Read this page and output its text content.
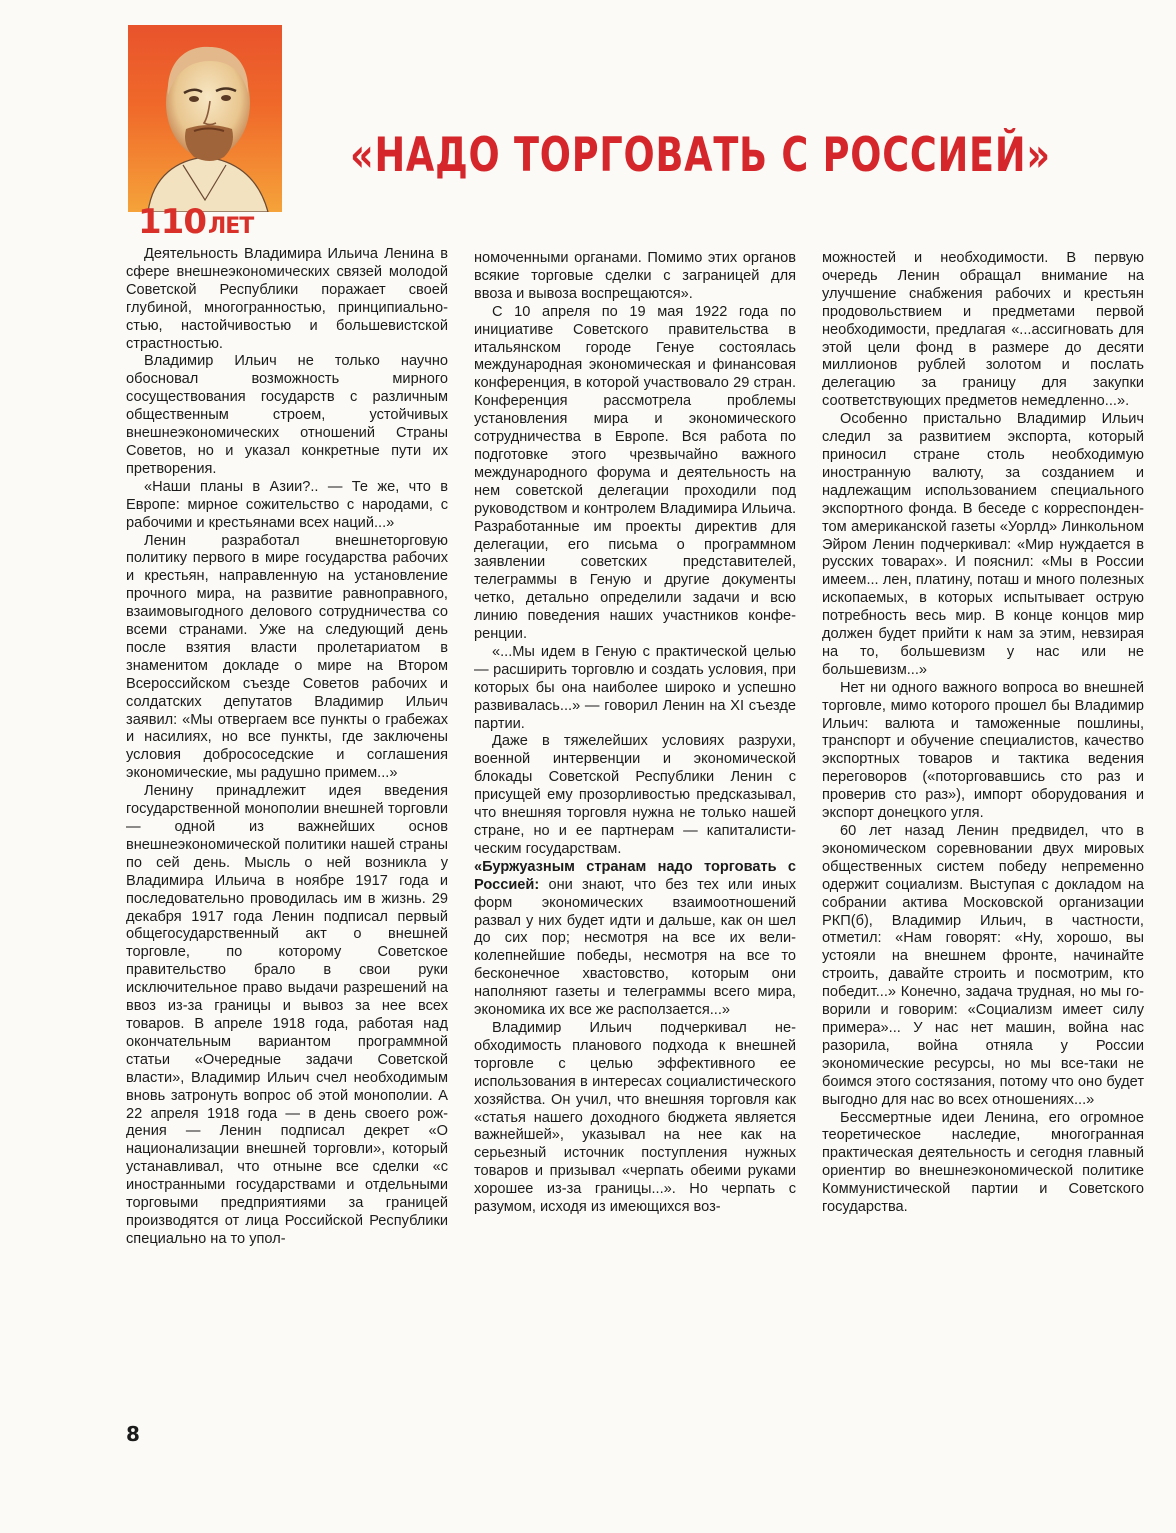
110ЛЕТ
«НАДО ТОРГОВАТЬ С РОССИЕЙ»

Деятельность Владимира Ильича Ленина в сфере внешнеэкономических связей молодой Советской Республики поражает своей глубиной, многогранностью, принципиальностью, настойчивостью и большевистской страстностью.

Владимир Ильич не только научно обосновал возможность мирного сосуществования государств с различным общественным строем, устойчивых внешнеэкономических отношений Страны Советов, но и указал конкретные пути их претворения.

«Наши планы в Азии?.. — Те же, что в Европе: мирное сожительство с народами, с рабочими и крестьянами всех наций...»

Ленин разработал внешнеторговую политику первого в мире государства рабочих и крестьян, направленную на установление прочного мира, на развитие равноправного, взаимовыгодного делового сотрудничества со всеми странами. Уже на следующий день после взятия власти пролетариатом в знаменитом докладе о мире на Втором Всероссийском съезде Советов рабочих и солдатских депутатов Владимир Ильич заявил: «Мы отвергаем все пункты о грабежах и насилиях, но все пункты, где заключены условия добрососедские и соглашения экономические, мы радушно примем...»

Ленину принадлежит идея введения государственной монополии внешней торговли — одной из важнейших основ внешнеэкономической политики нашей страны по сей день. Мысль о ней возникла у Владимира Ильича в ноябре 1917 года и последовательно проводилась им в жизнь. 29 декабря 1917 года Ленин подписал первый общегосударственный акт о внешней торговле, по которому Советское правительство брало в свои руки исключительное право выдачи разрешений на ввоз из-за границы и вывоз за нее всех товаров. В апреле 1918 года, работая над окончательным вариантом программной статьи «Очередные задачи Советской власти», Владимир Ильич счел необходимым вновь затронуть вопрос об этой монополии. А 22 апреля 1918 года — в день своего рождения — Ленин подписал декрет «О национализации внешней торговли», который устанавливал, что отныне все сделки «с иностранными государствами и отдельными торговыми предприятиями за границей производятся от лица Российской Республики специально на то упол-

номоченными органами. Помимо этих органов всякие торговые сделки с заграницей для ввоза и вывоза воспрещаются».

С 10 апреля по 19 мая 1922 года по инициативе Советского правительства в итальянском городе Генуе состоялась международная экономическая и финансовая конференция, в которой участвовало 29 стран. Конференция рассмотрела проблемы установления мира и экономического сотрудничества в Европе. Вся работа по подготовке этого чрезвычайно важного международного форума и деятельность на нем советской делегации проходили под руководством и контролем Владимира Ильича. Разработанные им проекты директив для делегации, его письма о программном заявлении советских представителей, телеграммы в Геную и другие документы четко, детально определили задачи и всю линию поведения наших участников конференции.

«...Мы идем в Геную с практической целью — расширить торговлю и создать условия, при которых бы она наиболее широко и успешно развивалась...» — говорил Ленин на XI съезде партии.

Даже в тяжелейших условиях разрухи, военной интервенции и экономической блокады Советской Республики Ленин с присущей ему прозорливостью предсказывал, что внешняя торговля нужна не только нашей стране, но и ее партнерам — капиталистическим государствам.

«Буржуазным странам надо торговать с Россией: они знают, что без тех или иных форм экономических взаимоотношений развал у них будет идти и дальше, как он шел до сих пор; несмотря на все их великолепнейшие победы, несмотря на все то бесконечное хвастовство, которым они наполняют газеты и телеграммы всего мира, экономика их все же расползается...»

Владимир Ильич подчеркивал необходимость планового подхода к внешней торговле с целью эффективного ее использования в интересах социалистического хозяйства. Он учил, что внешняя торговля как «статья нашего доходного бюджета является важнейшей», указывал на нее как на серьезный источник поступления нужных товаров и призывал «черпать обеими руками хорошее из-за границы...». Но черпать с разумом, исходя из имеющихся воз-

можностей и необходимости. В первую очередь Ленин обращал внимание на улучшение снабжения рабочих и крестьян продовольствием и предметами первой необходимости, предлагая «...ассигновать для этой цели фонд в размере до десяти миллионов рублей золотом и послать делегацию за границу для закупки соответствующих предметов немедленно...».

Особенно пристально Владимир Ильич следил за развитием экспорта, который приносил стране столь необходимую иностранную валюту, за созданием и надлежащим использованием специального экспортного фонда. В беседе с корреспондентом американской газеты «Уорлд» Линкольном Эйром Ленин подчеркивал: «Мир нуждается в русских товарах». И пояснил: «Мы в России имеем... лен, платину, поташ и много полезных ископаемых, в которых испытывает острую потребность весь мир. В конце концов мир должен будет прийти к нам за этим, невзирая на то, большевизм у нас или не большевизм...»

Нет ни одного важного вопроса во внешней торговле, мимо которого прошел бы Владимир Ильич: валюта и таможенные пошлины, транспорт и обучение специалистов, качество экспортных товаров и тактика ведения переговоров («поторговавшись сто раз и проверив сто раз»), импорт оборудования и экспорт донецкого угля.

60 лет назад Ленин предвидел, что в экономическом соревновании двух мировых общественных систем победу непременно одержит социализм. Выступая с докладом на собрании актива Московской организации РКП(б), Владимир Ильич, в частности, отметил: «Нам говорят: «Ну, хорошо, вы устояли на внешнем фронте, начинайте строить, давайте строить и посмотрим, кто победит...» Конечно, задача трудная, но мы говорили и говорим: «Социализм имеет силу примера»... У нас нет машин, война нас разорила, война отняла у России экономические ресурсы, но мы все-таки не боимся этого состязания, потому что оно будет выгодно для нас во всех отношениях...»

Бессмертные идеи Ленина, его огромное теоретическое наследие, многогранная практическая деятельность и сегодня главный ориентир во внешнеэкономической политике Коммунистической партии и Советского государства.

8
